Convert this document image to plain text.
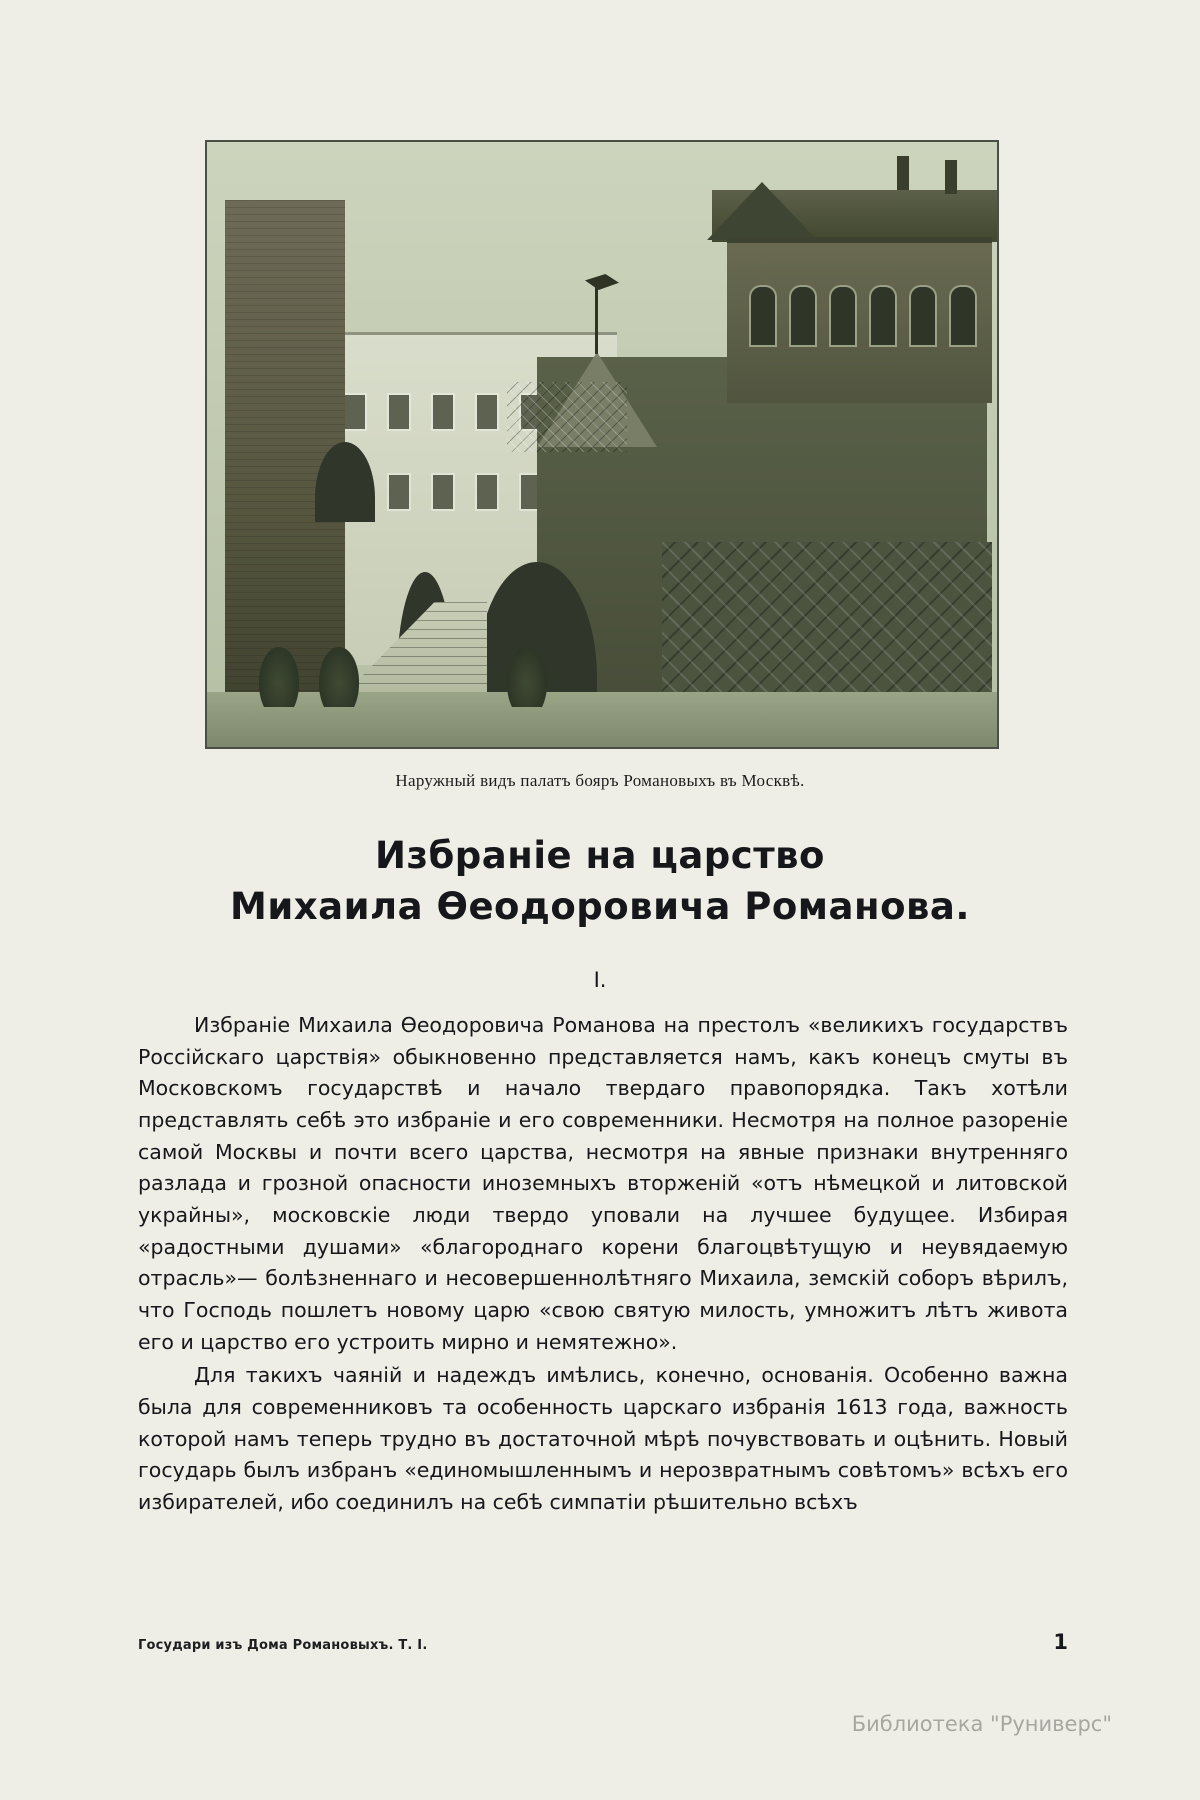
Наружный видъ палатъ бояръ Романовыхъ въ Москвѣ.
Избраніе на царство
Михаила Ѳеодоровича Романова.
I.

Избраніе Михаила Ѳеодоровича Романова на престолъ «великихъ государствъ Россійскаго царствія» обыкновенно представляется намъ, какъ конецъ смуты въ Московскомъ государствѣ и начало твердаго правопорядка. Такъ хотѣли представлять себѣ это избраніе и его современники. Несмотря на полное разореніе самой Москвы и почти всего царства, несмотря на явные признаки внутренняго разлада и грозной опасности иноземныхъ вторженій «отъ нѣмецкой и литовской украйны», московскіе люди твердо уповали на лучшее будущее. Избирая «радостными душами» «благороднаго корени благоцвѣтущую и неувядаемую отрасль»— болѣзненнаго и несовершеннолѣтняго Михаила, земскій соборъ вѣрилъ, что Господь пошлетъ новому царю «свою святую милость, умножитъ лѣтъ живота его и царство его устроить мирно и немятежно».

Для такихъ чаяній и надеждъ имѣлись, конечно, основанія. Особенно важна была для современниковъ та особенность царскаго избранія 1613 года, важность которой намъ теперь трудно въ достаточной мѣрѣ почувствовать и оцѣнить. Новый государь былъ избранъ «единомышленнымъ и нерозвратнымъ совѣтомъ» всѣхъ его избирателей, ибо соединилъ на себѣ симпатіи рѣшительно всѣхъ

Государи изъ Дома Романовыхъ. Т. I.	1
Библиотека "Руниверс"
